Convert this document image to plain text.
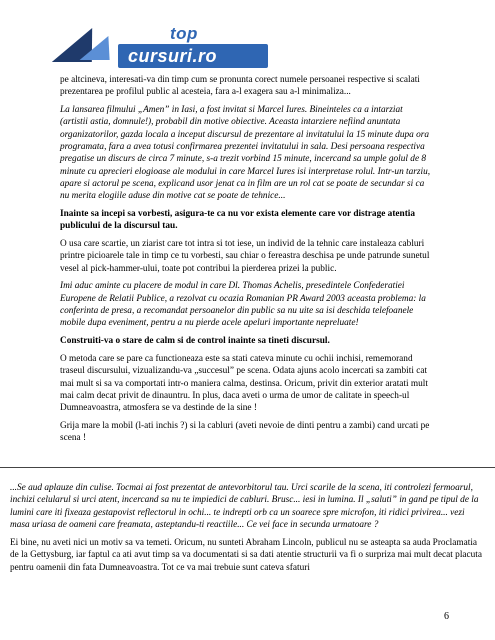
top
cursuri.ro

pe altcineva, interesati-va din timp cum se pronunta corect numele persoanei respective si scalati prezentarea pe profilul public al acesteia, fara a-l exagera sau a-l minimaliza...

La lansarea filmului „Amen” in Iasi, a fost invitat si Marcel Iures. Bineinteles ca a intarziat (artistii astia, domnule!), probabil din motive obiective. Aceasta intarziere nefiind anuntata organizatorilor, gazda locala a inceput discursul de prezentare al invitatului la 15 minute dupa ora programata, fara a avea totusi confirmarea prezentei invitatului in sala. Desi persoana respectiva pregatise un discurs de circa 7 minute, s-a trezit vorbind 15 minute, incercand sa umple golul de 8 minute cu aprecieri elogioase ale modului in care Marcel Iures isi interpretase rolul. Intr-un tarziu, apare si actorul pe scena, explicand usor jenat ca in film are un rol cat se poate de secundar si ca nu merita elogiile aduse din motive cat se poate de tehnice...

Inainte sa incepi sa vorbesti, asigura-te ca nu vor exista elemente care vor distrage atentia publicului de la discursul tau.

O usa care scartie, un ziarist care tot intra si tot iese, un individ de la tehnic care instaleaza cabluri printre picioarele tale in timp ce tu vorbesti, sau chiar o fereastra deschisa pe unde patrunde sunetul vesel al pick-hammer-ului, toate pot contribui la pierderea prizei la public.

Imi aduc aminte cu placere de modul in care Dl. Thomas Achelis, presedintele Confederatiei Europene de Relatii Publice, a rezolvat cu ocazia Romanian PR Award 2003 aceasta problema: la conferinta de presa, a recomandat persoanelor din public sa nu uite sa isi deschida telefoanele mobile dupa eveniment, pentru a nu pierde acele apeluri importante nepreluate!

Construiti-va o stare de calm si de control inainte sa tineti discursul.

O metoda care se pare ca functioneaza este sa stati cateva minute cu ochii inchisi, rememorand traseul discursului, vizualizandu-va „succesul” pe scena. Odata ajuns acolo incercati sa zambiti cat mai mult si sa va comportati intr-o maniera calma, destinsa. Oricum, privit din exterior aratati mult mai calm decat privit de dinauntru. In plus, daca aveti o urma de umor de calitate in speech-ul Dumneavoastra, atmosfera se va destinde de la sine !

Grija mare la mobil (l-ati inchis ?) si la cabluri (aveti nevoie de dinti pentru a zambi) cand urcati pe scena !

...Se aud aplauze din culise. Tocmai ai fost prezentat de antevorbitorul tau. Urci scarile de la scena, iti controlezi fermoarul, inchizi celularul si urci atent, incercand sa nu te impiedici de cabluri. Brusc... iesi in lumina. Il „saluti” in gand pe tipul de la lumini care iti fixeaza gestapovist reflectorul in ochi... te indrepti orb ca un soarece spre microfon, iti ridici privirea... vezi masa uriasa de oameni care freamata, asteptandu-ti reactiile... Ce vei face in secunda urmatoare ?

Ei bine, nu aveti nici un motiv sa va temeti. Oricum, nu sunteti Abraham Lincoln, publicul nu se asteapta sa auda Proclamatia de la Gettysburg, iar faptul ca ati avut timp sa va documentati si sa dati atentie structurii va fi o surpriza mai mult decat placuta pentru oamenii din fata Dumneavoastra. Tot ce va mai trebuie sunt cateva sfaturi

6
